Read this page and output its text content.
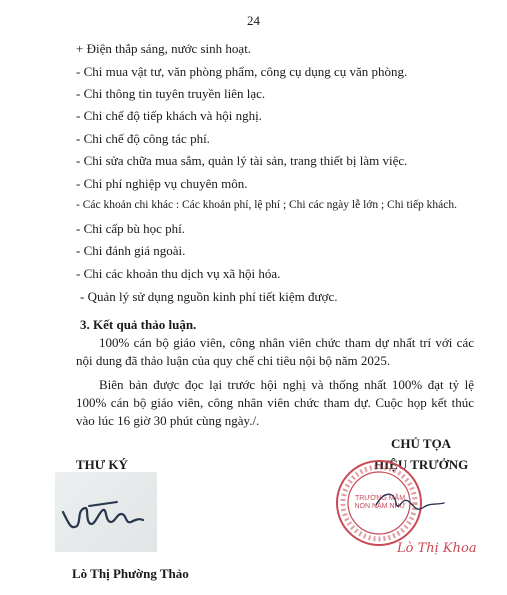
24
+ Điện thắp sáng, nước sinh hoạt.
- Chi mua vật tư, văn phòng phẩm, công cụ dụng cụ văn phòng.
- Chi thông tin tuyên truyền liên lạc.
- Chi chế độ tiếp khách và hội nghị.
- Chi chế độ công tác phí.
- Chi sửa chữa mua sắm, quản lý tài sản, trang thiết bị làm việc.
- Chi phí nghiệp vụ chuyên môn.
- Các khoản chi khác : Các khoản phí, lệ phí ; Chi các ngày lễ lớn ; Chi tiếp khách.
- Chi cấp bù học phí.
- Chi đánh giá ngoài.
- Chi các khoản thu dịch vụ xã hội hóa.
- Quản lý sử dụng nguồn kinh phí tiết kiệm được.
3. Kết quả thảo luận.
100% cán bộ giáo viên, công nhân viên chức tham dự nhất trí với các nội dung đã thảo luận của quy chế chi tiêu nội bộ năm 2025.
Biên bản được đọc lại trước hội nghị và thống nhất 100% đạt tỷ lệ 100% cán bộ giáo viên, công nhân viên chức tham dự. Cuộc họp kết thúc vào lúc 16 giờ 30 phút cùng ngày./.
THƯ KÝ
CHỦ TỌA
HIỆU TRƯỞNG
Lò Thị Phường Thảo
TRƯỜNG MẦM NON NẬM NHỪ
Lò Thị Khoa
